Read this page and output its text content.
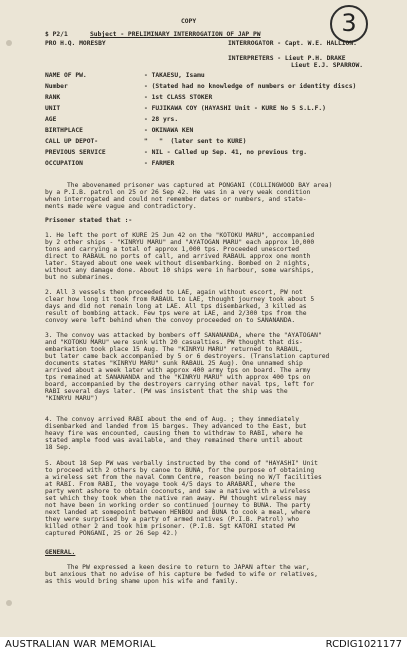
COPY	3
$ P2/1	Subject - PRELIMINARY INTERROGATION OF JAP PW
PRO H.Q. MORESBY	INTERROGATOR - Capt. W.E. HALLION.
INTERPRETERS - Lieut P.H. DRAKE
Lieut E.J. SPARROW.
NAME OF PW.	- TAKAESU, Isamu
Number	- (Stated had no knowledge of numbers or identity discs)
RANK	- 1st CLASS STOKER
UNIT	- FUJIKAWA COY (HAYASHI Unit - KURE No 5 S.L.F.)
AGE	- 28 yrs.
BIRTHPLACE	- OKINAWA KEN
CALL UP DEPOT-	"   "  (later sent to KURE)
PREVIOUS SERVICE	- NIL - Called up Sep. 41, no previous trg.
OCCUPATION	- FARMER
The abovenamed prisoner was captured at PONGANI (COLLINGWOOD BAY area)
by a P.I.B. patrol on 25 or 26 Sep 42. He was in a very weak condition
when interrogated and could not remember dates or numbers, and state-
ments made were vague and contradictory.
Prisoner stated that :-
1. He left the port of KURE 25 Jun 42 on the "KOTOKU MARU", accompanied
by 2 other ships - "KINRYU MARU" and "AYATOGAN MARU" each approx 10,000
tons and carrying a total of approx 1,000 tps. Proceeded unescorted
direct to RABAUL no ports of call, and arrived RABAUL approx one month
later. Stayed about one week without disembarking. Bombed on 2 nights,
without any damage done. About 10 ships were in harbour, some warships,
but no submarines.
2. All 3 vessels then proceeded to LAE, again without escort, PW not
clear how long it took from RABAUL to LAE, thought journey took about 5
days and did not remain long at LAE. All tps disembarked, 3 killed as
result of bombing attack. Few tps were at LAE, and 2/300 tps from the
convoy were left behind when the convoy proceeded on to SANANANDA.
3. The convoy was attacked by bombers off SANANANDA, where the "AYATOGAN"
and "KOTOKU MARU" were sunk with 20 casualties. PW thought that dis-
embarkation took place 15 Aug. The "KINRYU MARU" returned to RABAUL,
but later came back accompanied by 5 or 6 destroyers. (Translation captured
documents states "KINRYU MARU" sunk RABAUL 25 Aug). One unnamed ship
arrived about a week later with approx 400 army tps on board. The army
tps remained at SANANANDA and the "KINRYU MARU" with approx 400 tps on
board, accompanied by the destroyers carrying other naval tps, left for
RABI several days later. (PW was insistent that the ship was the
"KINRYU MARU")
4. The convoy arrived RABI about the end of Aug. ; they immediately
disembarked and landed from 15 barges. They advanced to the East, but
heavy fire was encounted, causing them to withdraw to RABI, where he
stated ample food was available, and they remained there until about
18 Sep.
5. About 18 Sep PW was verbally instructed by the comd of "HAYASHI" Unit
to proceed with 2 others by canoe to BUNA, for the purpose of obtaining
a wireless set from the naval Comm Centre, reason being no W/T facilities
at RABI. From RABI, the voyage took 4/5 days to ARABARI, where the
party went ashore to obtain coconuts, and saw a native with a wireless
set which they took when the native ran away. PW thought wireless may
not have been in working order so continued journey to BUNA. The party
next landed at somepoint between HENBOU and BUNA to cook a meal, where
they were surprised by a party of armed natives (P.I.B. Patrol) who
killed other 2 and took him prisoner. (P.I.B. Sgt KATORI stated PW
captured PONGANI, 25 or 26 Sep 42.)
GENERAL.
The PW expressed a keen desire to return to JAPAN after the war,
but anxious that no advise of his capture be fwded to wife or relatives,
as this would bring shame upon his wife and family.
AUSTRALIAN WAR MEMORIAL	RCDIG1021177
